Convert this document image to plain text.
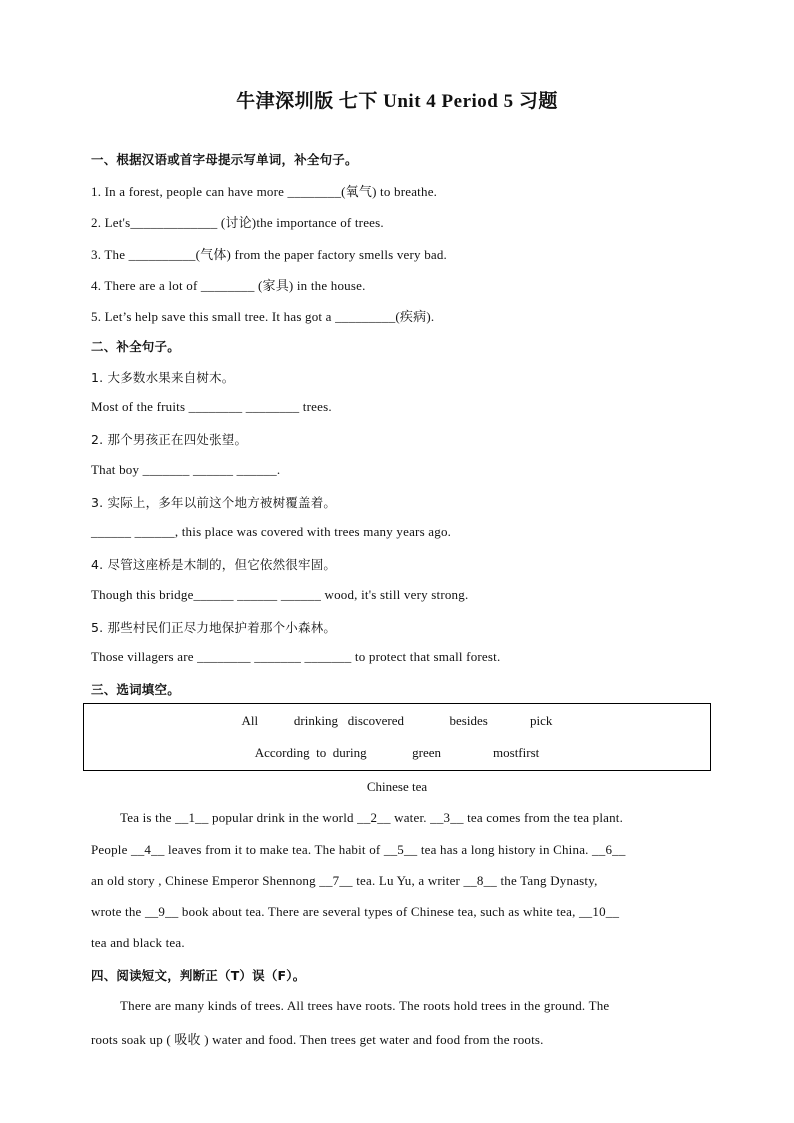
牛津深圳版 七下 Unit 4 Period 5 习题
一、根据汉语或首字母提示写单词，补全句子。
1. In a forest, people can have more ________(氧气) to breathe.
2. Let's_____________ (讨论)the importance of trees.
3. The __________(气体) from the paper factory smells very bad.
4. There are a lot of ________ (家具) in the house.
5. Let’s help save this small tree. It has got a _________(疾病).
二、补全句子。
1. 大多数水果来自树木。
Most of the fruits ________ ________ trees.
2. 那个男孩正在四处张望。
That boy _______ ______ ______.
3. 实际上，多年以前这个地方被树覆盖着。
______ ______, this place was covered with trees many years ago.
4. 尽管这座桥是木制的，但它依然很牢固。
Though this bridge______ ______ ______ wood, it's still very strong.
5. 那些村民们正尽力地保护着那个小森林。
Those villagers are ________ _______ _______ to protect that small forest.
三、选词填空。
All           drinking   discovered              besides             pick
According  to  during              green                mostfirst
Chinese tea
Tea is the __1__ popular drink in the world __2__ water. __3__ tea comes from the tea plant.
People __4__ leaves from it to make tea. The habit of __5__ tea has a long history in China. __6__
an old story , Chinese Emperor Shennong __7__ tea. Lu Yu, a writer __8__ the Tang Dynasty,
wrote the __9__ book about tea. There are several types of Chinese tea, such as white tea, __10__
tea and black tea.
四、阅读短文，判断正（T）误（F）。
There are many kinds of trees. All trees have roots. The roots hold trees in the ground. The
roots soak up ( 吸收 ) water and food. Then trees get water and food from the roots.
